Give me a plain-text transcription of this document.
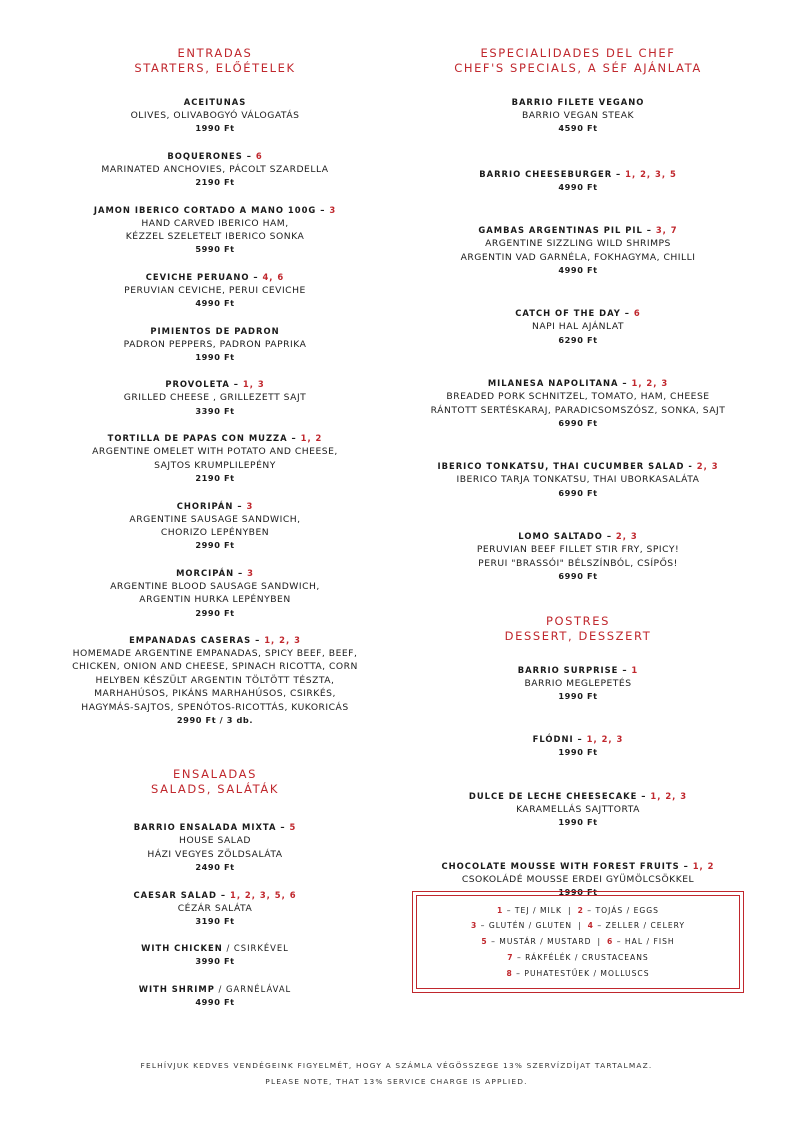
ENTRADAS
STARTERS, ELŐÉTELEK
ACEITUNAS
OLIVES, OLIVABOGYÓ VÁLOGATÁS
1990 Ft
BOQUERONES – 6
MARINATED ANCHOVIES, PÁCOLT SZARDELLA
2190 Ft
JAMON IBERICO CORTADO A MANO 100G – 3
HAND CARVED IBERICO HAM,
KÉZZEL SZELETELT IBERICO SONKA
5990 Ft
CEVICHE PERUANO – 4, 6
PERUVIAN CEVICHE, PERUI CEVICHE
4990 Ft
PIMIENTOS DE PADRON
PADRON PEPPERS, PADRON PAPRIKA
1990 Ft
PROVOLETA – 1, 3
GRILLED CHEESE , GRILLEZETT SAJT
3390 Ft
TORTILLA DE PAPAS CON MUZZA – 1, 2
ARGENTINE OMELET WITH POTATO AND CHEESE,
SAJTOS KRUMPLILEPÉNY
2190 Ft
CHORIPÁN – 3
ARGENTINE SAUSAGE SANDWICH,
CHORIZO LEPÉNYBEN
2990 Ft
MORCIPÁN – 3
ARGENTINE BLOOD SAUSAGE SANDWICH,
ARGENTIN HURKA LEPÉNYBEN
2990 Ft
EMPANADAS CASERAS – 1, 2, 3
HOMEMADE ARGENTINE EMPANADAS, SPICY BEEF, BEEF,
CHICKEN, ONION AND CHEESE, SPINACH RICOTTA, CORN
HELYBEN KÉSZÜLT ARGENTIN TÖLTÖTT TÉSZTA,
MARHAHÚSOS, PIKÁNS MARHAHÚSOS, CSIRKÉS,
HAGYMÁS-SAJTOS, SPENÓTOS-RICOTTÁS, KUKORICÁS
2990 Ft / 3 db.
ENSALADAS
SALADS, SALÁTÁK
BARRIO ENSALADA MIXTA – 5
HOUSE SALAD
HÁZI VEGYES ZÖLDSALÁTA
2490 Ft
CAESAR SALAD – 1, 2, 3, 5, 6
CÉZÁR SALÁTA
3190 Ft
WITH CHICKEN / CSIRKÉVEL
3990 Ft
WITH SHRIMP / GARNÉLÁVAL
4990 Ft
ESPECIALIDADES DEL CHEF
CHEF'S SPECIALS, A SÉF AJÁNLATA
BARRIO FILETE VEGANO
BARRIO VEGAN STEAK
4590 Ft
BARRIO CHEESEBURGER – 1, 2, 3, 5
4990 Ft
GAMBAS ARGENTINAS PIL PIL – 3, 7
ARGENTINE SIZZLING WILD SHRIMPS
ARGENTIN VAD GARNÉLA, FOKHAGYMA, CHILLI
4990 Ft
CATCH OF THE DAY – 6
NAPI HAL AJÁNLAT
6290 Ft
MILANESA NAPOLITANA – 1, 2, 3
BREADED PORK SCHNITZEL, TOMATO, HAM, CHEESE
RÁNTOTT SERTÉSKARAJ, PARADICSOMSZÓSZ, SONKA, SAJT
6990 Ft
IBERICO TONKATSU, THAI CUCUMBER SALAD - 2, 3
IBERICO TARJA TONKATSU, THAI UBORKASALÁTA
6990 Ft
LOMO SALTADO – 2, 3
PERUVIAN BEEF FILLET STIR FRY, SPICY!
PERUI "BRASSÓI" BÉLSZÍNBÓL, CSÍPŐS!
6990 Ft
POSTRES
DESSERT, DESSZERT
BARRIO SURPRISE – 1
BARRIO MEGLEPETÉS
1990 Ft
FLÓDNI – 1, 2, 3
1990 Ft
DULCE DE LECHE CHEESECAKE – 1, 2, 3
KARAMELLÁS SAJTTORTA
1990 Ft
CHOCOLATE MOUSSE WITH FOREST FRUITS – 1, 2
CSOKOLÁDÉ MOUSSE ERDEI GYÜMÖLCSÖKKEL
1990 Ft
1 – TEJ / MILK | 2 – TOJÁS / EGGS
3 – GLUTÉN / GLUTEN | 4 – ZELLER / CELERY
5 – MUSTÁR / MUSTARD | 6 – HAL / FISH
7 – RÁKFÉLÉK / CRUSTACEANS
8 – PUHATESTŰEK / MOLLUSCS
FELHÍVJUK KEDVES VENDÉGEINK FIGYELMÉT, HOGY A SZÁMLA VÉGÖSSZEGE 13% SZERVÍZDÍJAT TARTALMAZ.
PLEASE NOTE, THAT 13% SERVICE CHARGE IS APPLIED.
